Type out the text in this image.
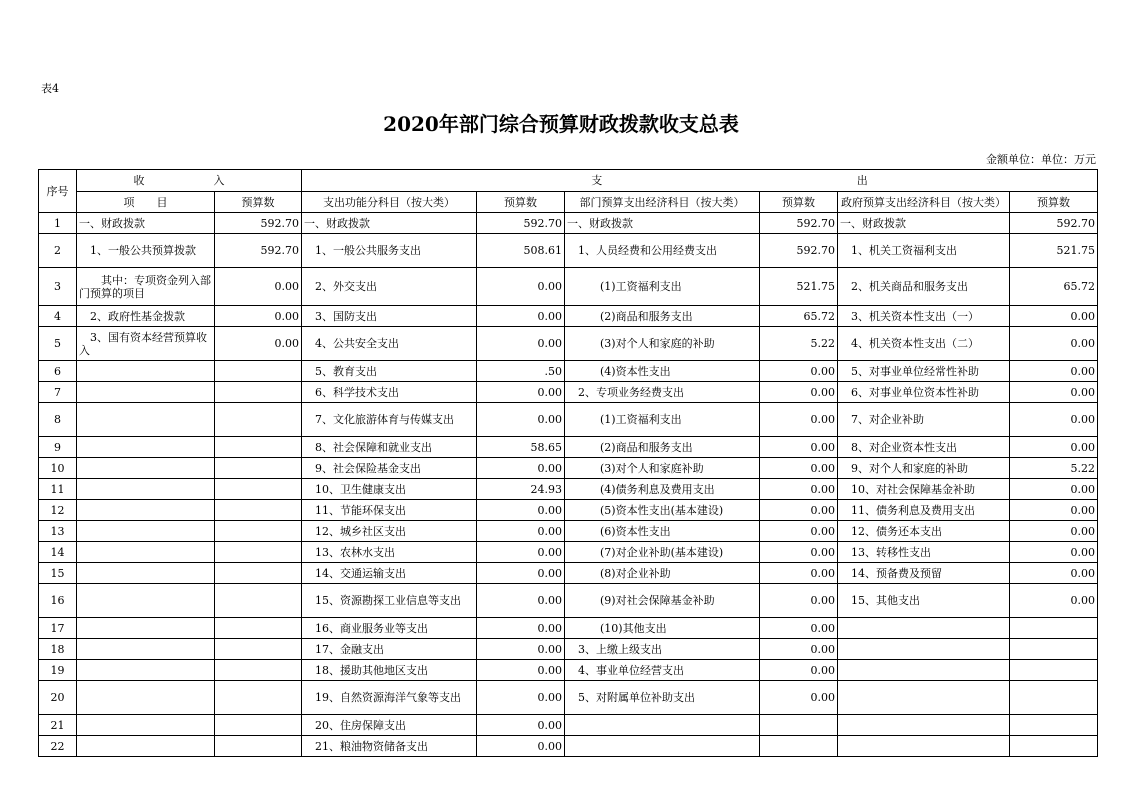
表4
2020年部门综合预算财政拨款收支总表
金额单位：单位：万元
序号	收 入		支 出					

	项　　目	预算数	支出功能分科目（按大类）	预算数	部门预算支出经济科目（按大类）	预算数	政府预算支出经济科目（按大类）	预算数
1	一、财政拨款	592.70	一、财政拨款	592.70	一、财政拨款	592.70	一、财政拨款	592.70
2	　1、一般公共预算拨款	592.70	　1、一般公共服务支出	508.61	　1、人员经费和公用经费支出	592.70	　1、机关工资福利支出	521.75
3	　　其中：专项资金列入部门预算的项目	0.00	　2、外交支出	0.00	　　　(1)工资福利支出	521.75	　2、机关商品和服务支出	65.72
4	　2、政府性基金拨款	0.00	　3、国防支出	0.00	　　　(2)商品和服务支出	65.72	　3、机关资本性支出（一）	0.00
5	　3、国有资本经营预算收入	0.00	　4、公共安全支出	0.00	　　　(3)对个人和家庭的补助	5.22	　4、机关资本性支出（二）	0.00
6			　5、教育支出	.50	　　　(4)资本性支出	0.00	　5、对事业单位经常性补助	0.00
7			　6、科学技术支出	0.00	　2、专项业务经费支出	0.00	　6、对事业单位资本性补助	0.00
8			　7、文化旅游体育与传媒支出	0.00	　　　(1)工资福利支出	0.00	　7、对企业补助	0.00
9			　8、社会保障和就业支出	58.65	　　　(2)商品和服务支出	0.00	　8、对企业资本性支出	0.00
10			　9、社会保险基金支出	0.00	　　　(3)对个人和家庭补助	0.00	　9、对个人和家庭的补助	5.22
11			　10、卫生健康支出	24.93	　　　(4)债务利息及费用支出	0.00	　10、对社会保障基金补助	0.00
12			　11、节能环保支出	0.00	　　　(5)资本性支出(基本建设)	0.00	　11、债务利息及费用支出	0.00
13			　12、城乡社区支出	0.00	　　　(6)资本性支出	0.00	　12、债务还本支出	0.00
14			　13、农林水支出	0.00	　　　(7)对企业补助(基本建设)	0.00	　13、转移性支出	0.00
15			　14、交通运输支出	0.00	　　　(8)对企业补助	0.00	　14、预备费及预留	0.00
16			　15、资源勘探工业信息等支出	0.00	　　　(9)对社会保障基金补助	0.00	　15、其他支出	0.00
17			　16、商业服务业等支出	0.00	　　　(10)其他支出	0.00		
18			　17、金融支出	0.00	　3、上缴上级支出	0.00		
19			　18、援助其他地区支出	0.00	　4、事业单位经营支出	0.00		
20			　19、自然资源海洋气象等支出	0.00	　5、对附属单位补助支出	0.00		
21			　20、住房保障支出	0.00				
22			　21、粮油物资储备支出	0.00				
